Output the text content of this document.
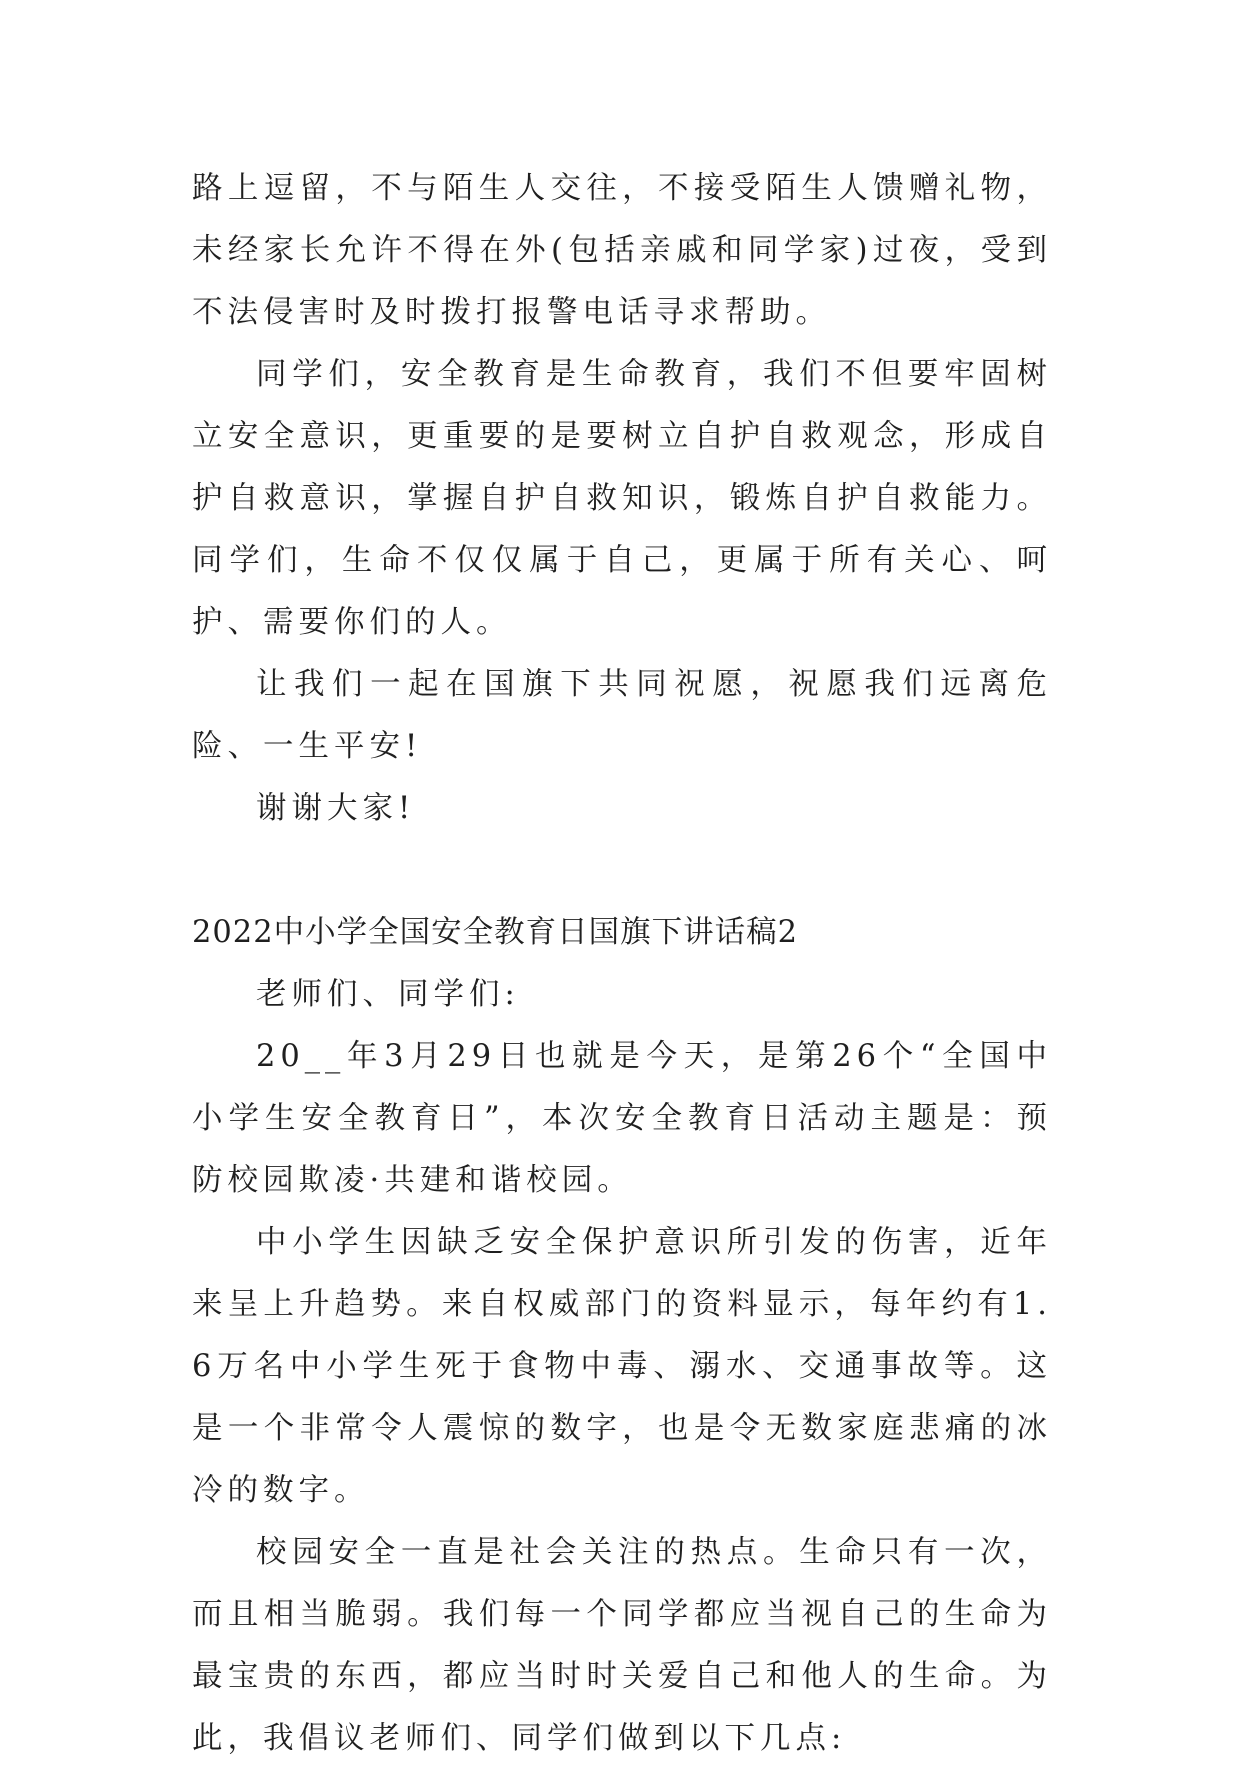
路上逗留，不与陌生人交往，不接受陌生人馈赠礼物，未经家长允许不得在外(包括亲戚和同学家)过夜，受到不法侵害时及时拨打报警电话寻求帮助。

同学们，安全教育是生命教育，我们不但要牢固树立安全意识，更重要的是要树立自护自救观念，形成自护自救意识，掌握自护自救知识，锻炼自护自救能力。同学们，生命不仅仅属于自己，更属于所有关心、呵护、需要你们的人。

让我们一起在国旗下共同祝愿，祝愿我们远离危险、一生平安!

谢谢大家!

2022中小学全国安全教育日国旗下讲话稿2

老师们、同学们:

20__年3月29日也就是今天，是第26个“全国中小学生安全教育日”，本次安全教育日活动主题是：预防校园欺凌·共建和谐校园。

中小学生因缺乏安全保护意识所引发的伤害，近年来呈上升趋势。来自权威部门的资料显示，每年约有1.6万名中小学生死于食物中毒、溺水、交通事故等。这是一个非常令人震惊的数字，也是令无数家庭悲痛的冰冷的数字。

校园安全一直是社会关注的热点。生命只有一次，而且相当脆弱。我们每一个同学都应当视自己的生命为最宝贵的东西，都应当时时关爱自己和他人的生命。为此，我倡议老师们、同学们做到以下几点:
